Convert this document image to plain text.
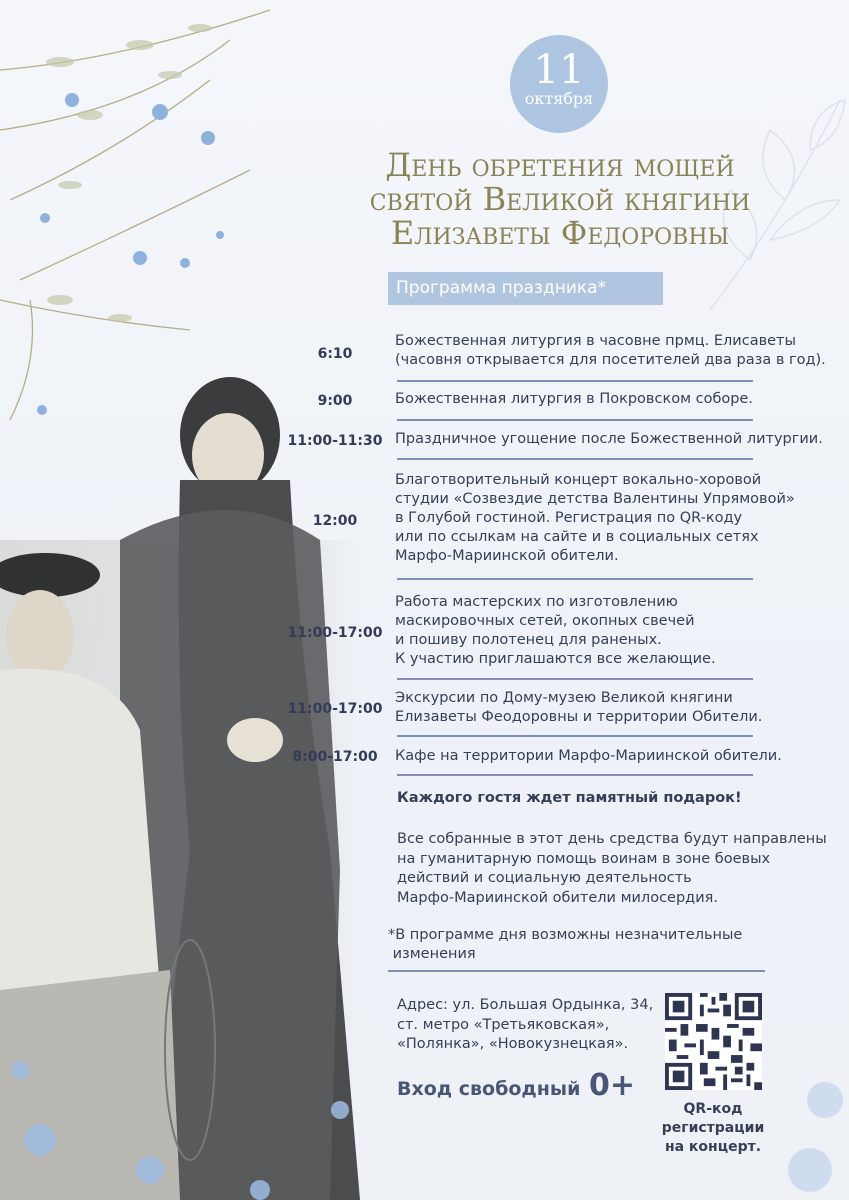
11
октября
День обретения мощей
святой Великой княгини
Елизаветы Федоровны
Программа праздника*
6:10
Божественная литургия в часовне прмц. Елисаветы
(часовня открывается для посетителей два раза в год).
9:00	Божественная литургия в Покровском соборе.
11:00-11:30 Праздничное угощение после Божественной литургии.
12:00
Благотворительный концерт вокально-хоровой
студии «Созвездие детства Валентины Упрямовой»
в Голубой гостиной. Регистрация по QR-коду
или по ссылкам на сайте и в социальных сетях
Марфо-Мариинской обители.
11:00-17:00
Работа мастерских по изготовлению
маскировочных сетей, окопных свечей
и пошиву полотенец для раненых.
К участию приглашаются все желающие.
11:00-17:00
Экскурсии по Дому-музею Великой княгини
Елизаветы Феодоровны и территории Обители.
8:00-17:00	Кафе на территории Марфо-Мариинской обители.
Каждого гостя ждет памятный подарок!
Все собранные в этот день средства будут направлены
на гуманитарную помощь воинам в зоне боевых
действий и социальную деятельность
Марфо-Мариинской обители милосердия.
*В программе дня возможны незначительные
изменения
Адрес: ул. Большая Ордынка, 34,
ст. метро «Третьяковская»,
«Полянка», «Новокузнецкая».
Вход свободный 0+
QR-код
регистрации
на концерт.
